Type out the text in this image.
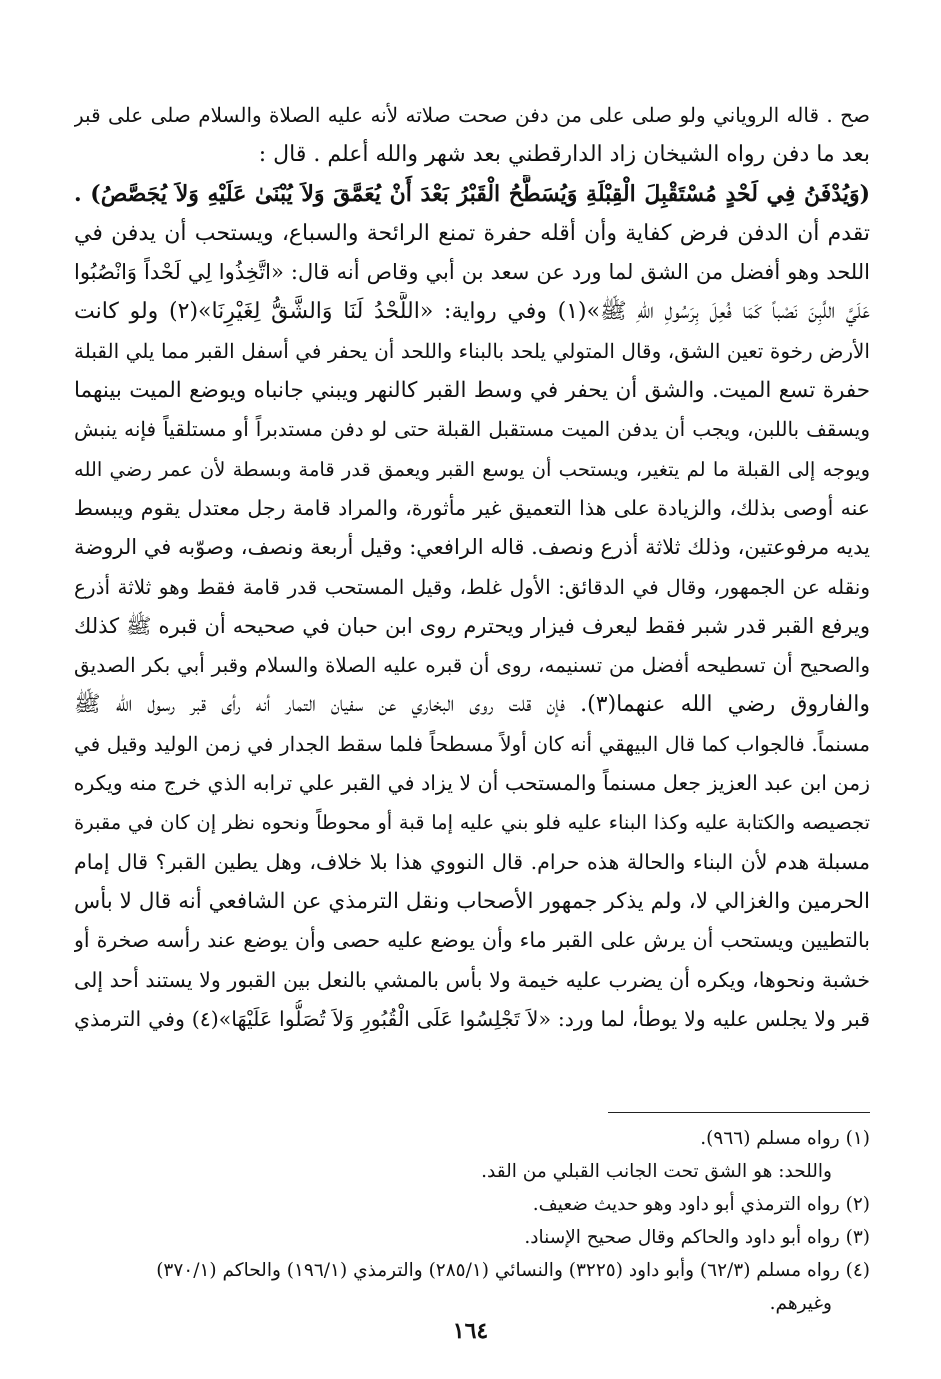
صح . قاله الروياني ولو صلى على من دفن صحت صلاته لأنه عليه الصلاة والسلام صلى على قبر
بعد ما دفن رواه الشيخان زاد الدارقطني بعد شهر والله أعلم . قال :
(وَيُدْفَنُ فِي لَحْدٍ مُسْتَقْبِلَ الْقِبْلَةِ وَيُسَطَّحُ الْقَبْرُ بَعْدَ أَنْ يُعَمَّقَ وَلاَ يُبْنَىٰ عَلَيْهِ وَلاَ يُجَصَّصُ) .
تقدم أن الدفن فرض كفاية وأن أقله حفرة تمنع الرائحة والسباع، ويستحب أن يدفن في
اللحد وهو أفضل من الشق لما ورد عن سعد بن أبي وقاص أنه قال: «اتَّخِذُوا لِي لَحْداً وَانْصُبُوا
عَلَيَّ اللَّبِنَ نَصْباً كَمَا فُعِلَ بِرَسُولِ اللهِ ﷺ»(١) وفي رواية: «اللَّحْدُ لَنَا وَالشَّقُّ لِغَيْرِنَا»(٢) ولو كانت
الأرض رخوة تعين الشق، وقال المتولي يلحد بالبناء واللحد أن يحفر في أسفل القبر مما يلي القبلة
حفرة تسع الميت. والشق أن يحفر في وسط القبر كالنهر ويبني جانباه ويوضع الميت بينهما
ويسقف باللبن، ويجب أن يدفن الميت مستقبل القبلة حتى لو دفن مستدبراً أو مستلقياً فإنه ينبش
ويوجه إلى القبلة ما لم يتغير، ويستحب أن يوسع القبر ويعمق قدر قامة وبسطة لأن عمر رضي الله
عنه أوصى بذلك، والزيادة على هذا التعميق غير مأثورة، والمراد قامة رجل معتدل يقوم ويبسط
يديه مرفوعتين، وذلك ثلاثة أذرع ونصف. قاله الرافعي: وقيل أربعة ونصف، وصوّبه في الروضة
ونقله عن الجمهور، وقال في الدقائق: الأول غلط، وقيل المستحب قدر قامة فقط وهو ثلاثة أذرع
ويرفع القبر قدر شبر فقط ليعرف فيزار ويحترم روى ابن حبان في صحيحه أن قبره ﷺ كذلك
والصحيح أن تسطيحه أفضل من تسنيمه، روى أن قبره عليه الصلاة والسلام وقبر أبي بكر الصديق
والفاروق رضي الله عنهما(٣). فإن قلت روى البخاري عن سفيان التمار أنه رأى قبر رسول الله ﷺ
مسنماً. فالجواب كما قال البيهقي أنه كان أولاً مسطحاً فلما سقط الجدار في زمن الوليد وقيل في
زمن ابن عبد العزيز جعل مسنماً والمستحب أن لا يزاد في القبر علي ترابه الذي خرج منه ويكره
تجصيصه والكتابة عليه وكذا البناء عليه فلو بني عليه إما قبة أو محوطاً ونحوه نظر إن كان في مقبرة
مسبلة هدم لأن البناء والحالة هذه حرام. قال النووي هذا بلا خلاف، وهل يطين القبر؟ قال إمام
الحرمين والغزالي لا، ولم يذكر جمهور الأصحاب ونقل الترمذي عن الشافعي أنه قال لا بأس
بالتطيين ويستحب أن يرش على القبر ماء وأن يوضع عليه حصى وأن يوضع عند رأسه صخرة أو
خشبة ونحوها، ويكره أن يضرب عليه خيمة ولا بأس بالمشي بالنعل بين القبور ولا يستند أحد إلى
قبر ولا يجلس عليه ولا يوطأ، لما ورد: «لاَ تَجْلِسُوا عَلَى الْقُبُورِ وَلاَ تُصَلُّوا عَلَيْهَا»(٤) وفي الترمذي
(١) رواه مسلم (٩٦٦).
واللحد: هو الشق تحت الجانب القبلي من القد.
(٢) رواه الترمذي أبو داود وهو حديث ضعيف.
(٣) رواه أبو داود والحاكم وقال صحيح الإسناد.
(٤) رواه مسلم (٦٢/٣) وأبو داود (٣٢٢٥) والنسائي (٢٨٥/١) والترمذي (١٩٦/١) والحاكم (٣٧٠/١)
وغيرهم.
١٦٤
